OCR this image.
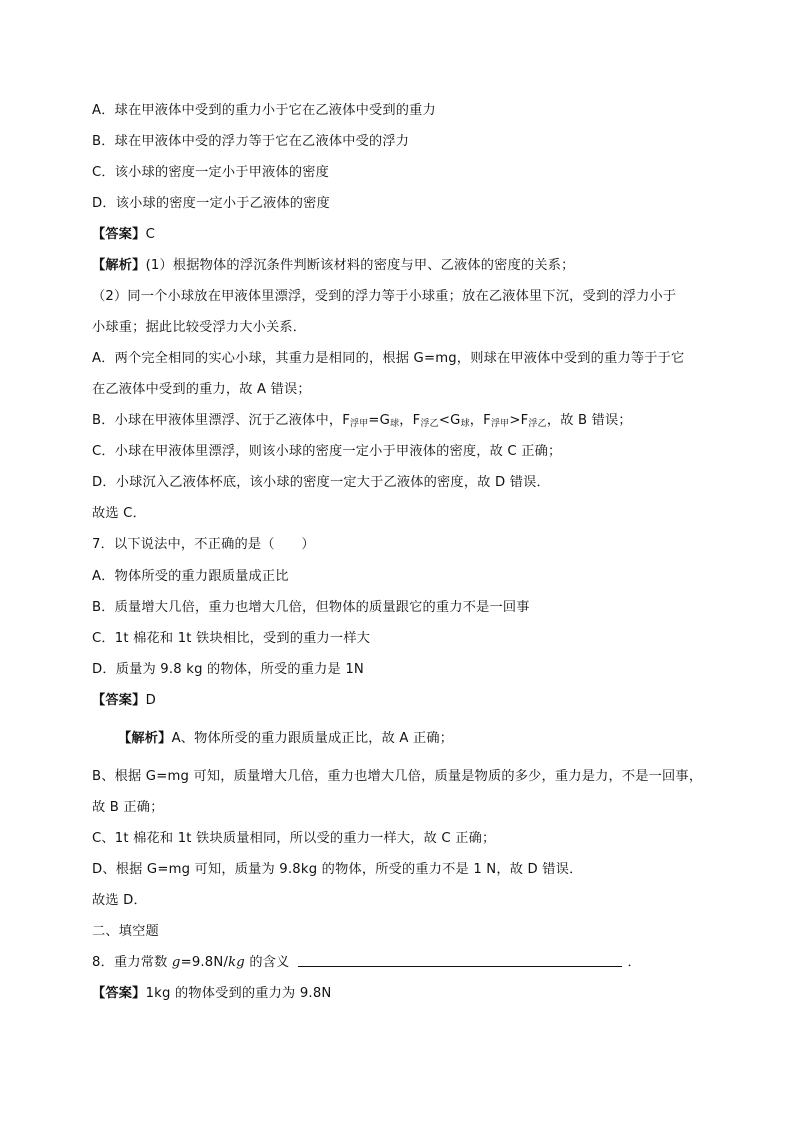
A．球在甲液体中受到的重力小于它在乙液体中受到的重力
B．球在甲液体中受的浮力等于它在乙液体中受的浮力
C．该小球的密度一定小于甲液体的密度
D．该小球的密度一定小于乙液体的密度
【答案】C
【解析】(1）根据物体的浮沉条件判断该材料的密度与甲、乙液体的密度的关系；
（2）同一个小球放在甲液体里漂浮，受到的浮力等于小球重；放在乙液体里下沉，受到的浮力小于
小球重；据此比较受浮力大小关系．
A．两个完全相同的实心小球，其重力是相同的，根据 G=mg，则球在甲液体中受到的重力等于于它
在乙液体中受到的重力，故 A 错误；
B．小球在甲液体里漂浮、沉于乙液体中，$F_{浮甲}=G_球$，$F_{浮乙}<G_球$，$F_{浮甲}>F_{浮乙}$，故 B 错误；
C．小球在甲液体里漂浮，则该小球的密度一定小于甲液体的密度，故 C 正确；
D．小球沉入乙液体杯底，该小球的密度一定大于乙液体的密度，故 D 错误．
故选 C．
7．以下说法中，不正确的是（　　）
A．物体所受的重力跟质量成正比
B．质量增大几倍，重力也增大几倍，但物体的质量跟它的重力不是一回事
C．1t 棉花和 1t 铁块相比，受到的重力一样大
D．质量为 9.8 kg 的物体，所受的重力是 1N
【答案】D
【解析】A、物体所受的重力跟质量成正比，故 A 正确；
B、根据 G=mg 可知，质量增大几倍，重力也增大几倍，质量是物质的多少，重力是力，不是一回事，
故 B 正确；
C、1t 棉花和 1t 铁块质量相同，所以受的重力一样大，故 C 正确；
D、根据 G=mg 可知，质量为 9.8kg 的物体，所受的重力不是 1 N，故 D 错误．
故选 D．
二、填空题
8．重力常数 g=9.8N/kg 的含义	．
【答案】1kg 的物体受到的重力为 9.8N
